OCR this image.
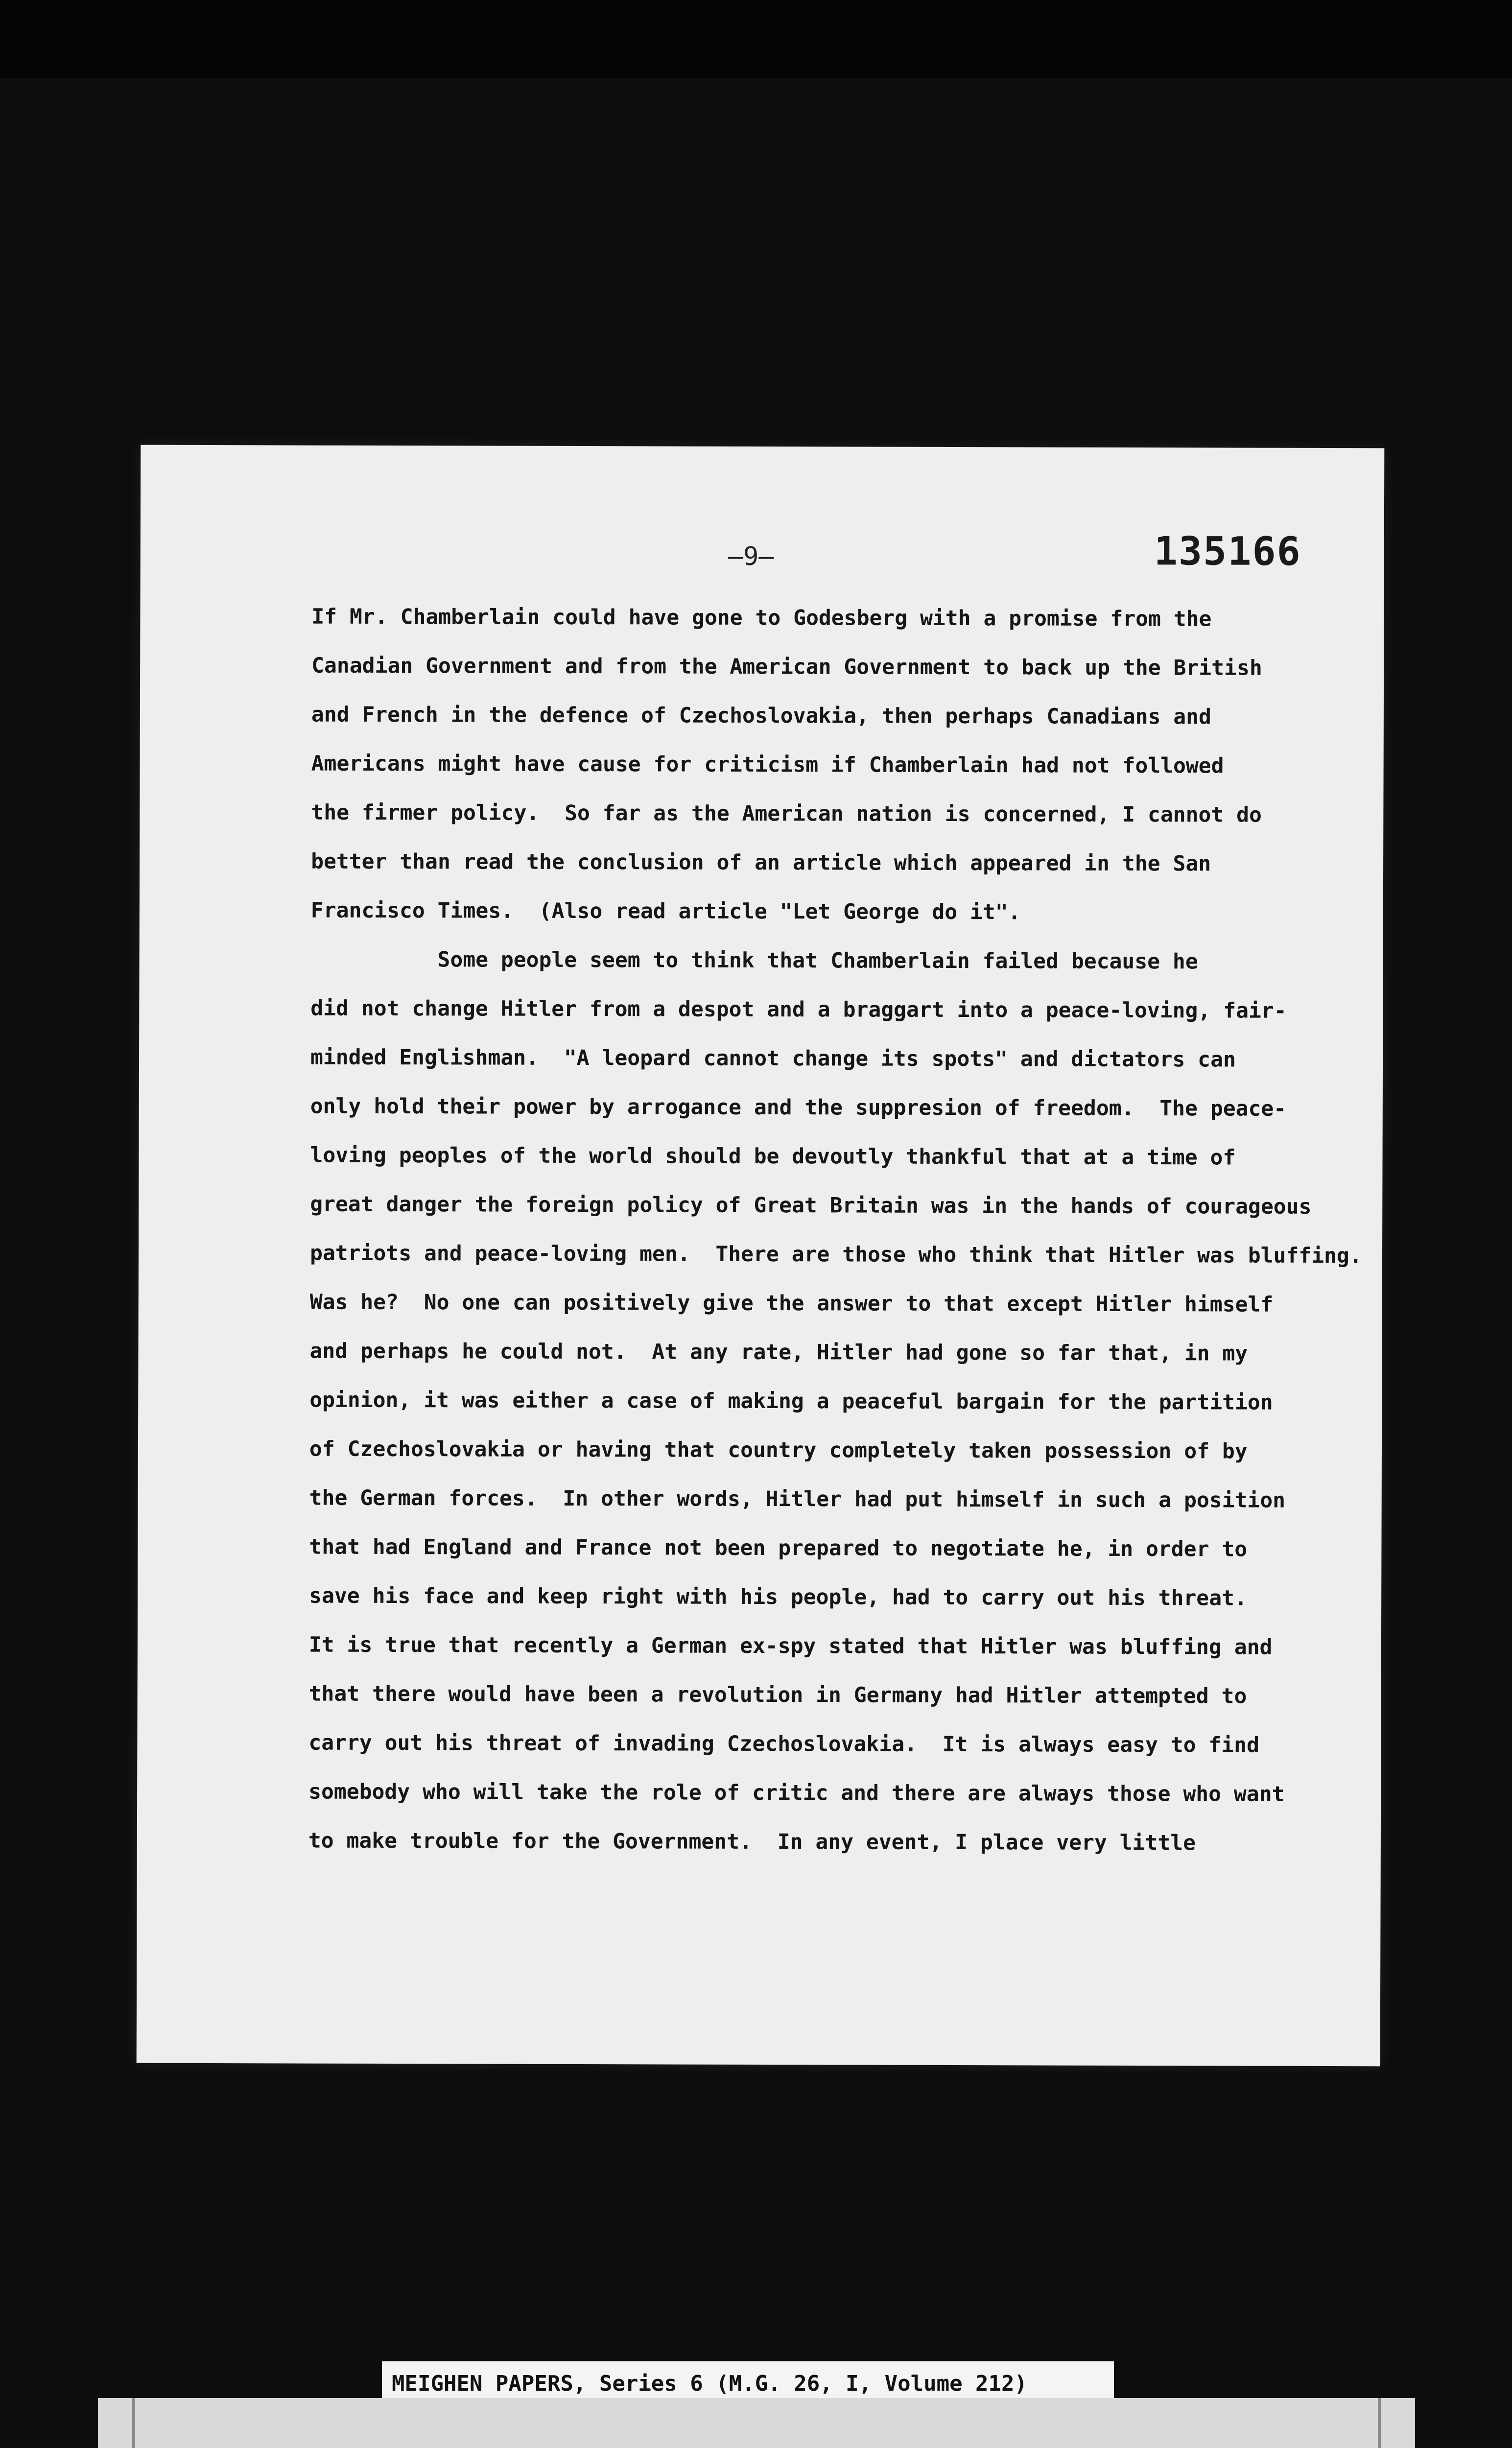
—9—	135166
If Mr. Chamberlain could have gone to Godesberg with a promise from the
Canadian Government and from the American Government to back up the British
and French in the defence of Czechoslovakia, then perhaps Canadians and
Americans might have cause for criticism if Chamberlain had not followed
the firmer policy.  So far as the American nation is concerned, I cannot do
better than read the conclusion of an article which appeared in the San
Francisco Times.  (Also read article "Let George do it".
Some people seem to think that Chamberlain failed because he
did not change Hitler from a despot and a braggart into a peace-loving, fair-
minded Englishman.  "A leopard cannot change its spots" and dictators can
only hold their power by arrogance and the suppresion of freedom.  The peace-
loving peoples of the world should be devoutly thankful that at a time of
great danger the foreign policy of Great Britain was in the hands of courageous
patriots and peace-loving men.  There are those who think that Hitler was bluffing.
Was he?  No one can positively give the answer to that except Hitler himself
and perhaps he could not.  At any rate, Hitler had gone so far that, in my
opinion, it was either a case of making a peaceful bargain for the partition
of Czechoslovakia or having that country completely taken possession of by
the German forces.  In other words, Hitler had put himself in such a position
that had England and France not been prepared to negotiate he, in order to
save his face and keep right with his people, had to carry out his threat.
It is true that recently a German ex-spy stated that Hitler was bluffing and
that there would have been a revolution in Germany had Hitler attempted to
carry out his threat of invading Czechoslovakia.  It is always easy to find
somebody who will take the role of critic and there are always those who want
to make trouble for the Government.  In any event, I place very little
MEIGHEN PAPERS, Series 6 (M.G. 26, I, Volume 212)
